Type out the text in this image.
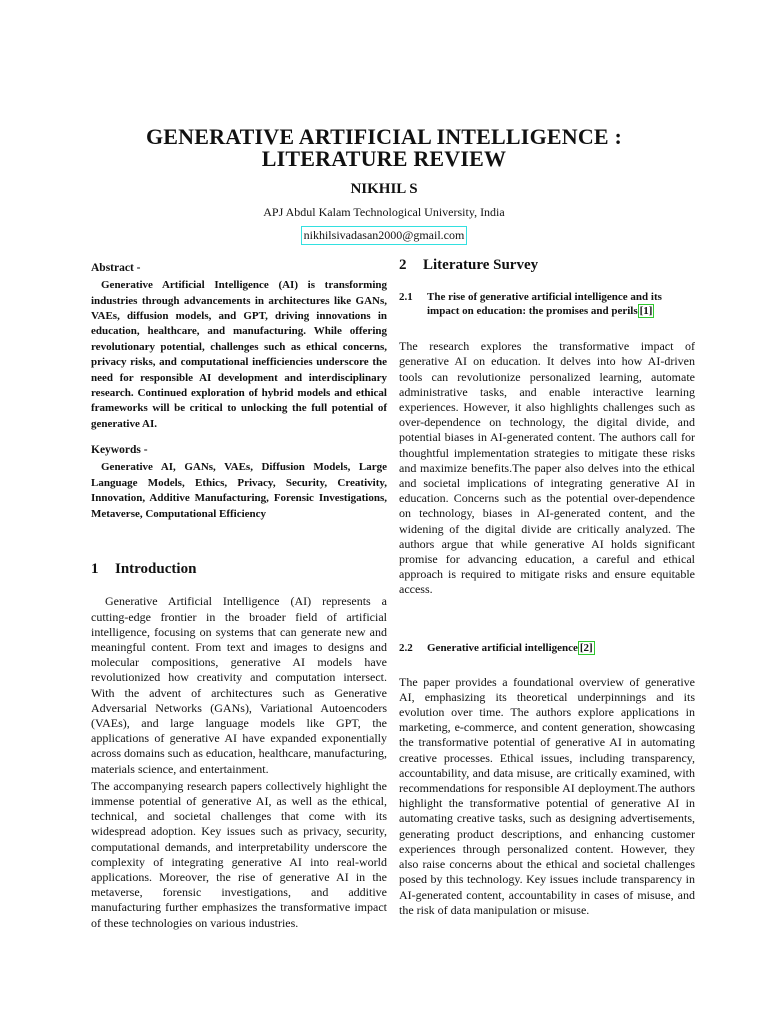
GENERATIVE ARTIFICIAL INTELLIGENCE :
LITERATURE REVIEW
NIKHIL S
APJ Abdul Kalam Technological University, India
nikhilsivadasan2000@gmail.com
Abstract -

Generative Artificial Intelligence (AI) is transforming industries through advancements in architectures like GANs, VAEs, diffusion models, and GPT, driving innovations in education, healthcare, and manufacturing. While offering revolutionary potential, challenges such as ethical concerns, privacy risks, and computational inefficiencies underscore the need for responsible AI development and interdisciplinary research. Continued exploration of hybrid models and ethical frameworks will be critical to unlocking the full potential of generative AI.

Keywords -

Generative AI, GANs, VAEs, Diffusion Models, Large Language Models, Ethics, Privacy, Security, Creativity, Innovation, Additive Manufacturing, Forensic Investigations, Metaverse, Computational Efficiency

1 Introduction

Generative Artificial Intelligence (AI) represents a cutting-edge frontier in the broader field of artificial intelligence, focusing on systems that can generate new and meaningful content. From text and images to designs and molecular compositions, generative AI models have revolutionized how creativity and computation intersect. With the advent of architectures such as Generative Adversarial Networks (GANs), Variational Autoencoders (VAEs), and large language models like GPT, the applications of generative AI have expanded exponentially across domains such as education, healthcare, manufacturing, materials science, and entertainment.

The accompanying research papers collectively highlight the immense potential of generative AI, as well as the ethical, technical, and societal challenges that come with its widespread adoption. Key issues such as privacy, security, computational demands, and interpretability underscore the complexity of integrating generative AI into real-world applications. Moreover, the rise of generative AI in the metaverse, forensic investigations, and additive manufacturing further emphasizes the transformative impact of these technologies on various industries.

2 Literature Survey
2.1	The rise of generative artificial intelligence and its impact on education: the promises and perils [1]

The research explores the transformative impact of generative AI on education. It delves into how AI-driven tools can revolutionize personalized learning, automate administrative tasks, and enable interactive learning experiences. However, it also highlights challenges such as over-dependence on technology, the digital divide, and potential biases in AI-generated content. The authors call for thoughtful implementation strategies to mitigate these risks and maximize benefits.The paper also delves into the ethical and societal implications of integrating generative AI in education. Concerns such as the potential over-dependence on technology, biases in AI-generated content, and the widening of the digital divide are critically analyzed. The authors argue that while generative AI holds significant promise for advancing education, a careful and ethical approach is required to mitigate risks and ensure equitable access.

2.2	Generative artificial intelligence [2]

The paper provides a foundational overview of generative AI, emphasizing its theoretical underpinnings and its evolution over time. The authors explore applications in marketing, e-commerce, and content generation, showcasing the transformative potential of generative AI in automating creative processes. Ethical issues, including transparency, accountability, and data misuse, are critically examined, with recommendations for responsible AI deployment.The authors highlight the transformative potential of generative AI in automating creative tasks, such as designing advertisements, generating product descriptions, and enhancing customer experiences through personalized content. However, they also raise concerns about the ethical and societal challenges posed by this technology. Key issues include transparency in AI-generated content, accountability in cases of misuse, and the risk of data manipulation or misuse.
